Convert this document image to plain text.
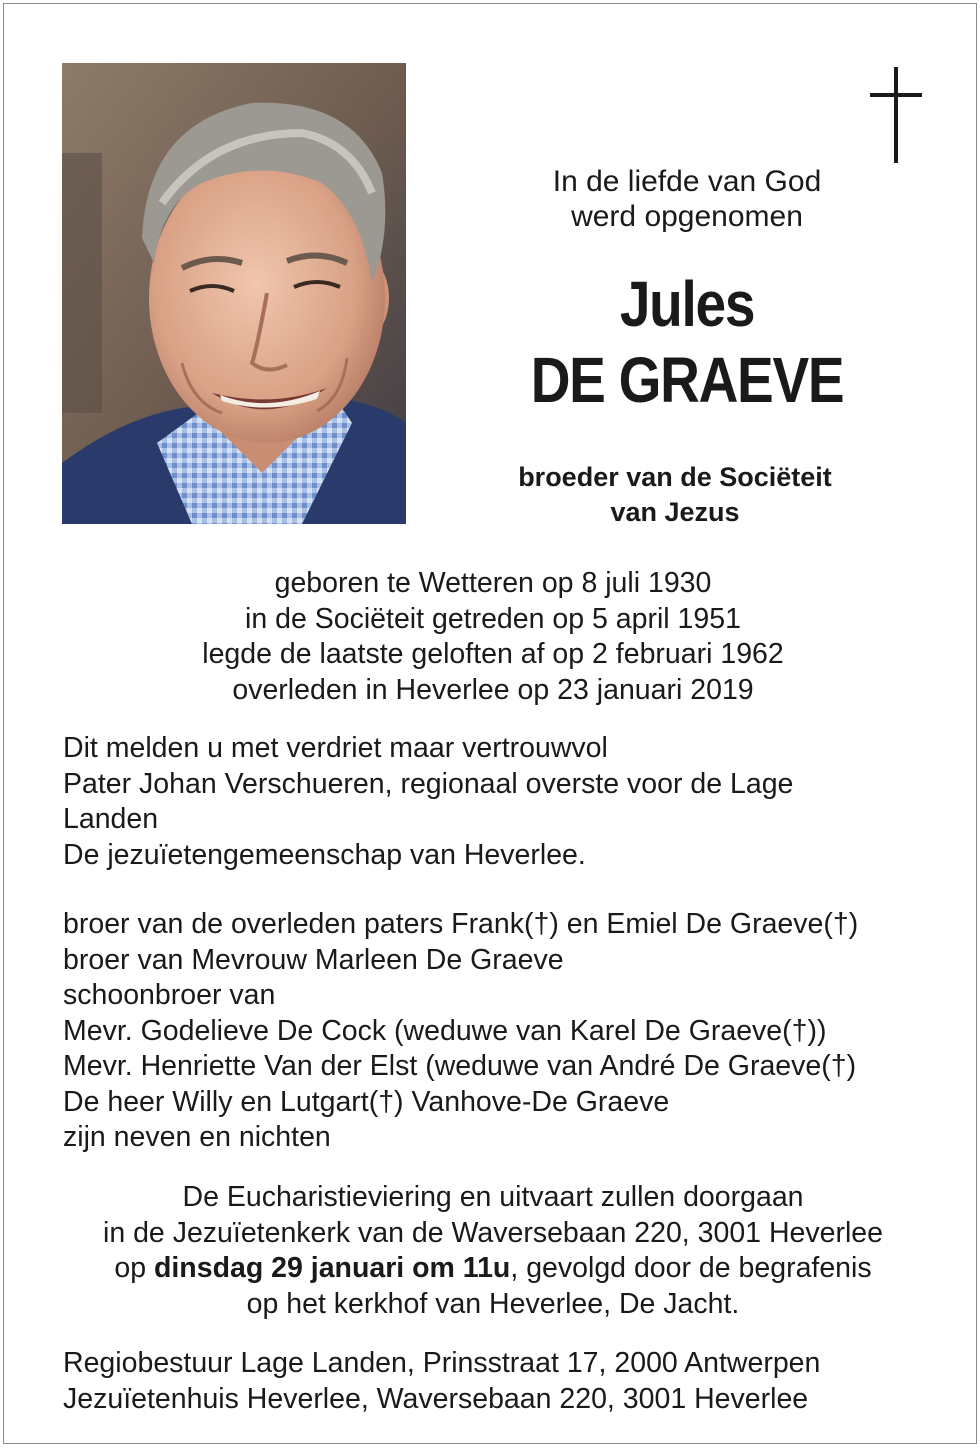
In de liefde van God
werd opgenomen
Jules
DE GRAEVE
broeder van de Sociëteit
van Jezus
geboren te Wetteren op 8 juli 1930
in de Sociëteit getreden op 5 april 1951
legde de laatste geloften af op 2 februari 1962
overleden in Heverlee op 23 januari 2019
Dit melden u met verdriet maar vertrouwvol
Pater Johan Verschueren, regionaal overste voor de Lage Landen
De jezuïetengemeenschap van Heverlee.
broer van de overleden paters Frank(†) en Emiel De Graeve(†)
broer van Mevrouw Marleen De Graeve
schoonbroer van
Mevr. Godelieve De Cock (weduwe van Karel De Graeve(†))
Mevr. Henriette Van der Elst (weduwe van André De Graeve(†)
De heer Willy en Lutgart(†) Vanhove-De Graeve
zijn neven en nichten
De Eucharistieviering en uitvaart zullen doorgaan
in de Jezuïetenkerk van de Waversebaan 220, 3001 Heverlee
op dinsdag 29 januari om 11u, gevolgd door de begrafenis
op het kerkhof van Heverlee, De Jacht.
Regiobestuur Lage Landen, Prinsstraat 17, 2000 Antwerpen
Jezuïetenhuis Heverlee, Waversebaan 220, 3001 Heverlee
